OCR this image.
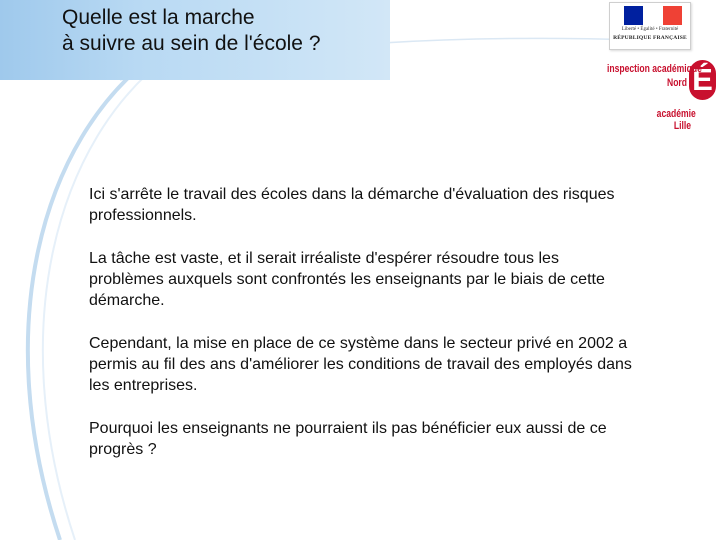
Quelle est la marche
à suivre au sein de l'école ?
Liberté • Égalité • Fraternité
RÉPUBLIQUE FRANÇAISE
É
inspection académique
Nord
académie
Lille

Ici s'arrête le travail des écoles dans la démarche d'évaluation des risques professionnels.

La tâche est vaste, et il serait irréaliste d'espérer résoudre tous les problèmes auxquels sont confrontés les enseignants par le biais de cette démarche.

Cependant, la mise en place de ce système dans le secteur privé en 2002 a permis au fil des ans d'améliorer les conditions de travail des employés dans les entreprises.

Pourquoi les enseignants ne pourraient ils pas bénéficier eux aussi de ce progrès ?
